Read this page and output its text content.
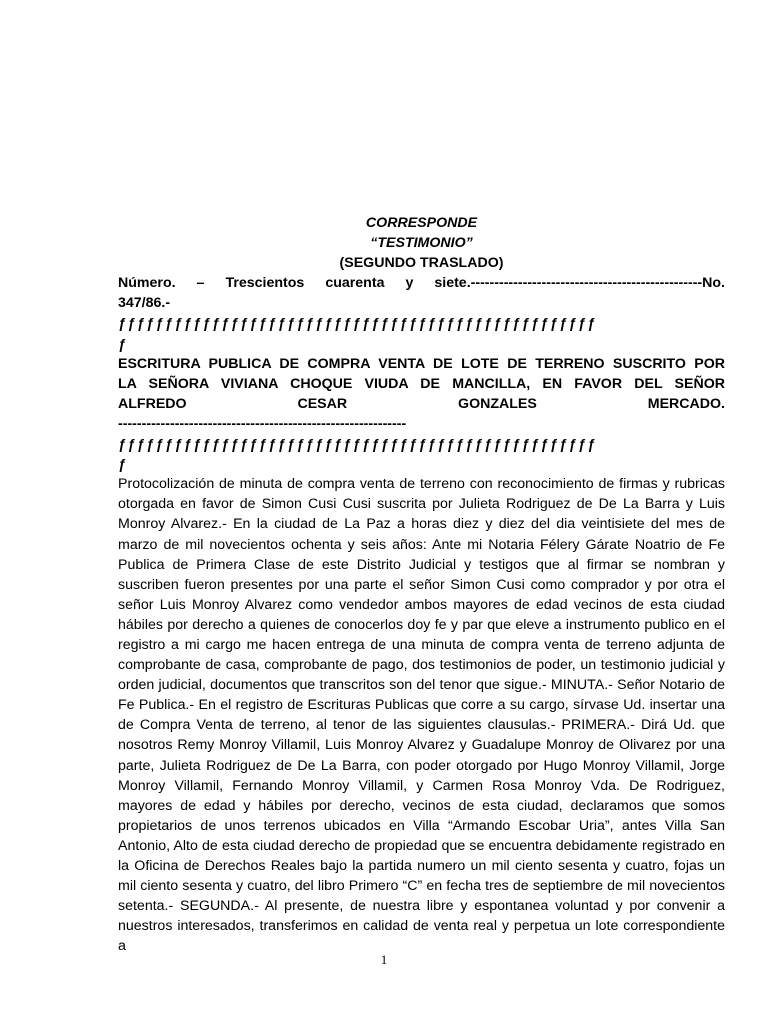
CORRESPONDE
“TESTIMONIO”
(SEGUNDO TRASLADO)
Número. – Trescientos cuarenta y siete.-------------------------------------------------No.
347/86.-
ƒƒƒƒƒƒƒƒƒƒƒƒƒƒƒƒƒƒƒƒƒƒƒƒƒƒƒƒƒƒƒƒƒƒƒƒƒƒƒƒƒƒƒƒƒƒƒƒƒƒƒ
ƒ
ESCRITURA PUBLICA DE COMPRA VENTA DE LOTE DE TERRENO SUSCRITO POR
LA SEÑORA VIVIANA CHOQUE VIUDA DE MANCILLA, EN FAVOR DEL SEÑOR
ALFREDO CESAR GONZALES MERCADO.
-------------------------------------------------------------
ƒƒƒƒƒƒƒƒƒƒƒƒƒƒƒƒƒƒƒƒƒƒƒƒƒƒƒƒƒƒƒƒƒƒƒƒƒƒƒƒƒƒƒƒƒƒƒƒƒƒƒ
ƒ
Protocolización de minuta de compra venta de terreno con reconocimiento de firmas y rubricas otorgada en favor de Simon Cusi Cusi suscrita por Julieta Rodriguez de De La Barra y Luis Monroy Alvarez.- En la ciudad de La Paz a horas diez y diez del dia veintisiete del mes de marzo de mil novecientos ochenta y seis años: Ante mi Notaria Félery Gárate Noatrio de Fe Publica de Primera Clase de este Distrito Judicial y testigos que al firmar se nombran y suscriben fueron presentes por una parte el señor Simon Cusi como comprador y por otra el señor Luis Monroy Alvarez como vendedor ambos mayores de edad vecinos de esta ciudad hábiles por derecho a quienes de conocerlos doy fe y par que eleve a instrumento publico en el registro a mi cargo me hacen entrega de una minuta de compra venta de terreno adjunta de comprobante de casa, comprobante de pago, dos testimonios de poder, un testimonio judicial y orden judicial, documentos que transcritos son del tenor que sigue.- MINUTA.- Señor Notario de Fe Publica.- En el registro de Escrituras Publicas que corre a su cargo, sírvase Ud. insertar una de Compra Venta de terreno, al tenor de las siguientes clausulas.- PRIMERA.- Dirá Ud. que nosotros Remy Monroy Villamil, Luis Monroy Alvarez y Guadalupe Monroy de Olivarez por una parte, Julieta Rodriguez de De La Barra, con poder otorgado por Hugo Monroy Villamil, Jorge Monroy Villamil, Fernando Monroy Villamil, y Carmen Rosa Monroy Vda. De Rodriguez, mayores de edad y hábiles por derecho, vecinos de esta ciudad, declaramos que somos propietarios de unos terrenos ubicados en Villa “Armando Escobar Uria”, antes Villa San Antonio, Alto de esta ciudad derecho de propiedad que se encuentra debidamente registrado en la Oficina de Derechos Reales bajo la partida numero un mil ciento sesenta y cuatro, fojas un mil ciento sesenta y cuatro, del libro Primero “C” en fecha tres de septiembre de mil novecientos setenta.- SEGUNDA.- Al presente, de nuestra libre y espontanea voluntad y por convenir a nuestros interesados, transferimos en calidad de venta real y perpetua un lote correspondiente a
1
